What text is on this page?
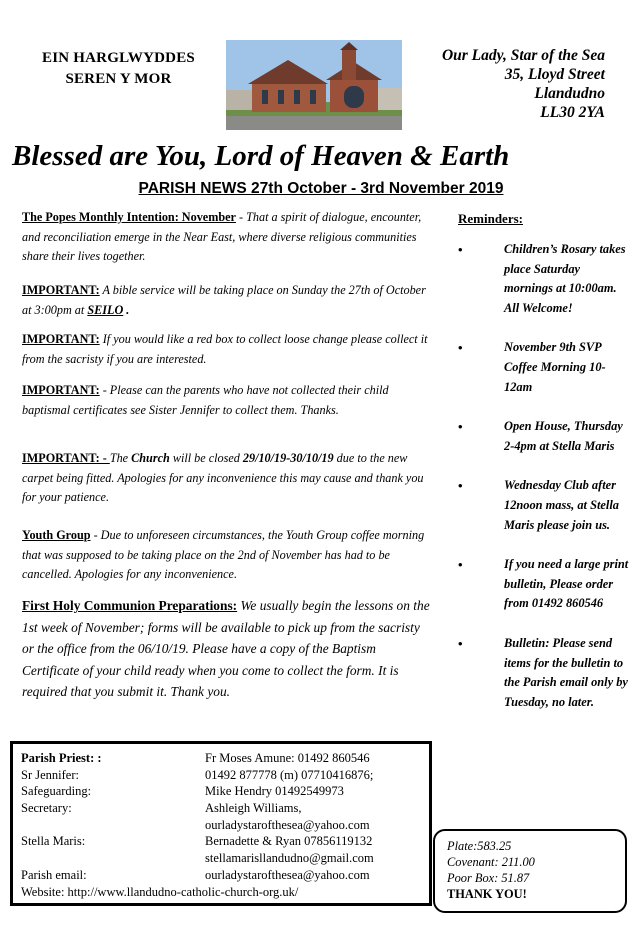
EIN HARGLWYDDES
SEREN Y MOR
Our Lady, Star of the Sea
35, Lloyd Street
Llandudno
LL30 2YA
Blessed are You, Lord of Heaven & Earth
PARISH NEWS 27th October - 3rd November 2019

The Popes Monthly Intention: November - That a spirit of dialogue, encounter, and reconciliation emerge in the Near East, where diverse religious communities share their lives together.

IMPORTANT: A bible service will be taking place on Sunday the 27th of October at 3:00pm at SEILO .

IMPORTANT: If you would like a red box to collect loose change please collect it from the sacristy if you are interested.

IMPORTANT: - Please can the parents who have not collected their child baptismal certificates see Sister Jennifer to collect them. Thanks.

IMPORTANT: - The Church will be closed 29/10/19-30/10/19 due to the new carpet being fitted. Apologies for any inconvenience this may cause and thank you for your patience.

Youth Group - Due to unforeseen circumstances, the Youth Group coffee morning that was supposed to be taking place on the 2nd of November has had to be cancelled. Apologies for any inconvenience.

First Holy Communion Preparations: We usually begin the lessons on the 1st week of November; forms will be available to pick up from the sacristy or the office from the 06/10/19. Please have a copy of the Baptism Certificate of your child ready when you come to collect the form. It is required that you submit it. Thank you.

Reminders:
•	Children’s Rosary takes place Saturday mornings at 10:00am. All Welcome!
•	November 9th SVP Coffee Morning 10-12am
•	Open House, Thursday 2-4pm at Stella Maris
•	Wednesday Club after 12noon mass, at Stella Maris please join us.
•	If you need a large print bulletin, Please order from 01492 860546
•	Bulletin: Please send items for the bulletin to the Parish email only by Tuesday, no later.
Parish Priest: :	Fr Moses Amune: 01492 860546
Sr Jennifer:	01492 877778 (m) 07710416876;
Safeguarding:	Mike Hendry 01492549973
Secretary:	Ashleigh Williams,
ourladystarofthesea@yahoo.com
Stella Maris:	Bernadette & Ryan 07856119132
stellamarisllandudno@gmail.com
Parish email:	ourladystarofthesea@yahoo.com
Website: http://www.llandudno-catholic-church-org.uk/
Plate:583.25
Covenant: 211.00
Poor Box: 51.87
THANK YOU!
